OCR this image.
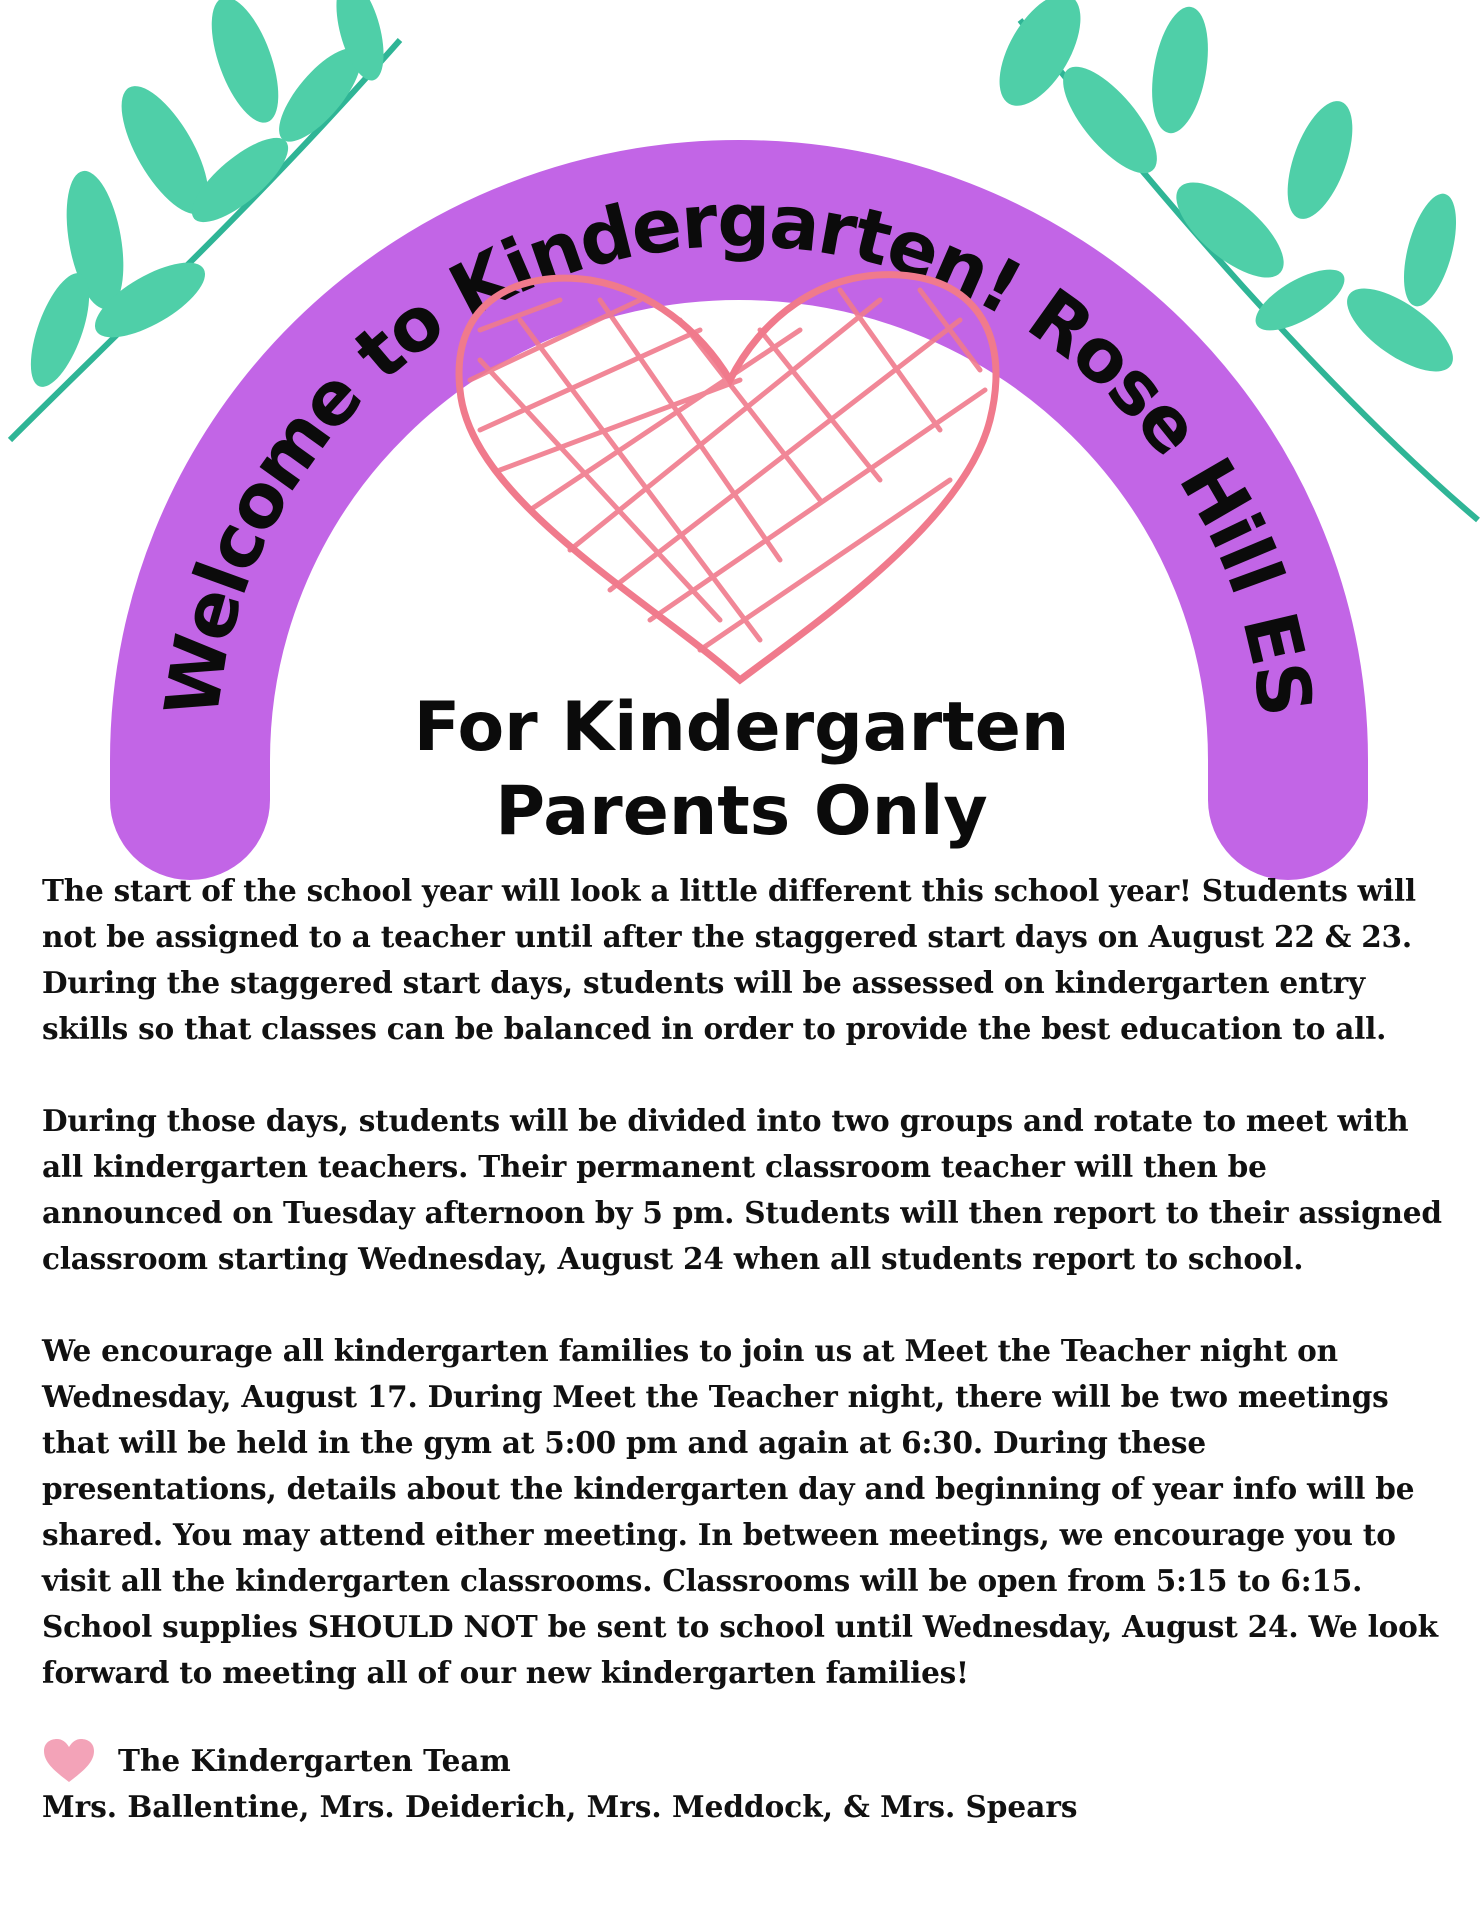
Welcome to Kindergarten! Rose Hill ES
For Kindergarten
Parents Only

The start of the school year will look a little different this school year! Students will not be assigned to a teacher until after the staggered start days on August 22 & 23. During the staggered start days, students will be assessed on kindergarten entry skills so that classes can be balanced in order to provide the best education to all.

During those days, students will be divided into two groups and rotate to meet with all kindergarten teachers. Their permanent classroom teacher will then be announced on Tuesday afternoon by 5 pm. Students will then report to their assigned classroom starting Wednesday, August 24 when all students report to school.

We encourage all kindergarten families to join us at Meet the Teacher night on Wednesday, August 17. During Meet the Teacher night, there will be two meetings that will be held in the gym at 5:00 pm and again at 6:30. During these presentations, details about the kindergarten day and beginning of year info will be shared. You may attend either meeting. In between meetings, we encourage you to visit all the kindergarten classrooms. Classrooms will be open from 5:15 to 6:15. School supplies SHOULD NOT be sent to school until Wednesday, August 24. We look forward to meeting all of our new kindergarten families!

The Kindergarten Team
Mrs. Ballentine, Mrs. Deiderich, Mrs. Meddock, & Mrs. Spears
